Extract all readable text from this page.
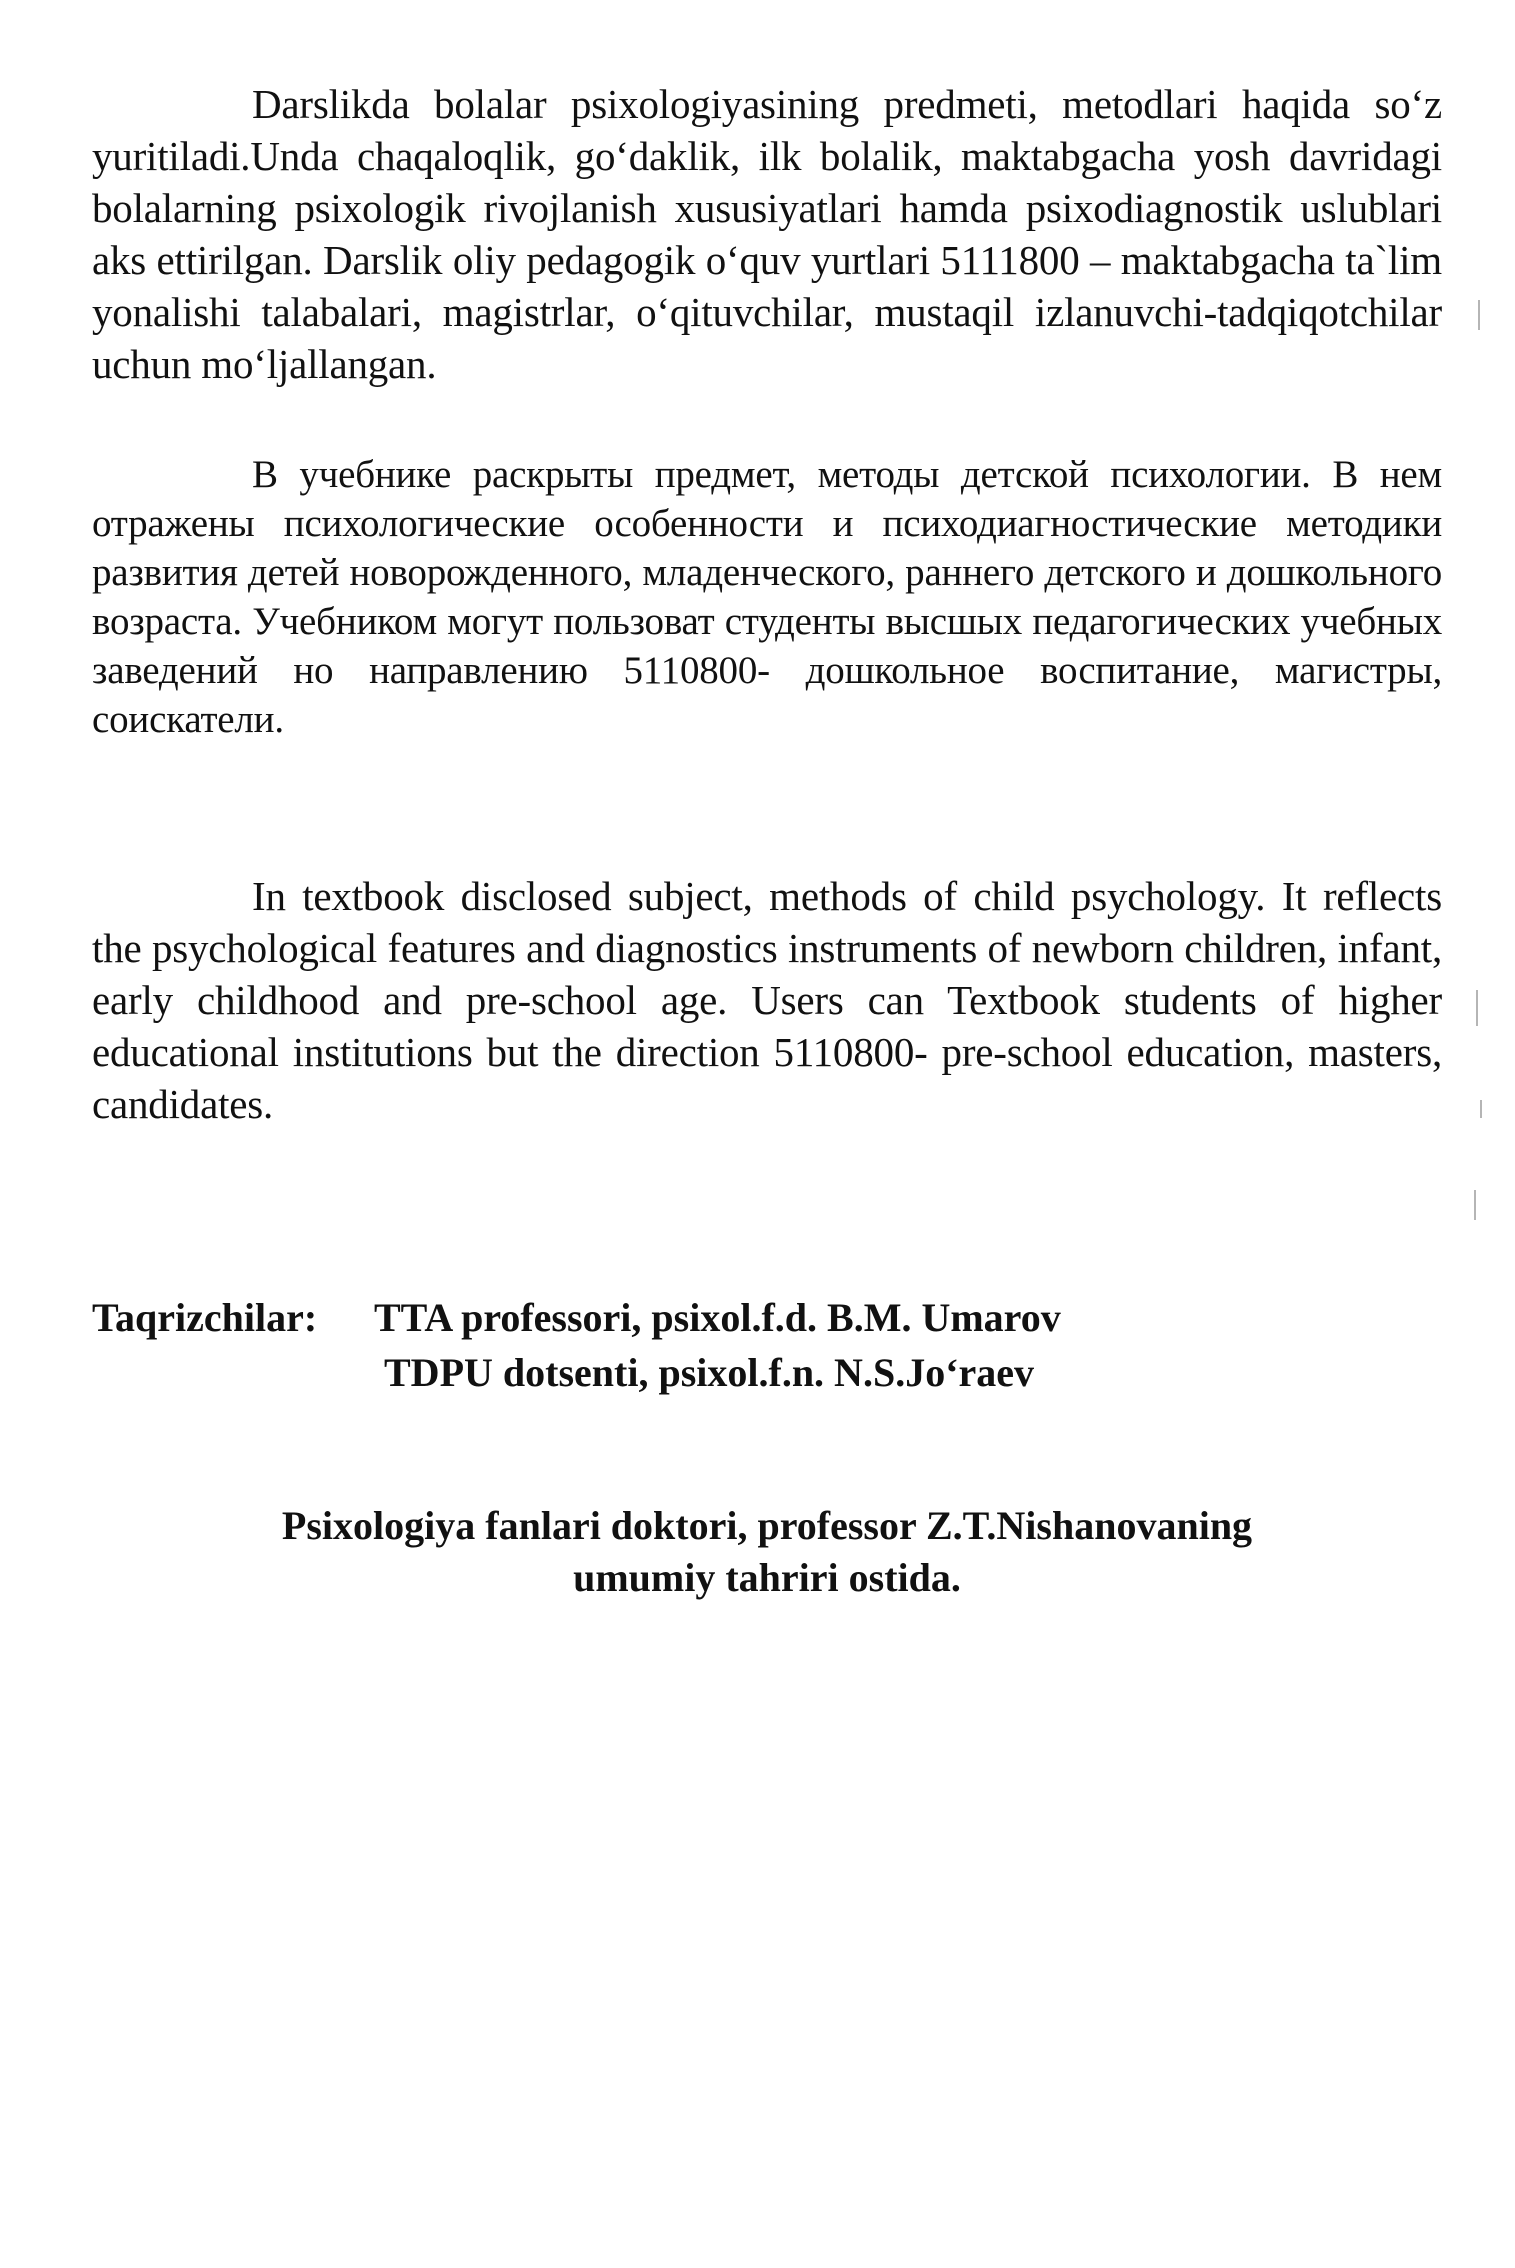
Darslikda bolalar psixologiyasining predmeti, metodlari haqida so‘z yuritiladi.Unda chaqaloqlik, go‘daklik, ilk bolalik, maktabgacha yosh davridagi bolalarning psixologik rivojlanish xususiyatlari hamda psixodiagnostik uslublari aks ettirilgan. Darslik oliy pedagogik o‘quv yurtlari 5111800 – maktabgacha ta`lim yonalishi talabalari, magistrlar, o‘qituvchilar, mustaqil izlanuvchi-tadqiqotchilar uchun mo‘ljallangan.

В учебнике раскрыты предмет, методы детской психологии. В нем отражены психологические особенности и психодиагностические методики развития детей новорожденного, младенческого, раннего детского и дошкольного возраста. Учебником могут пользоват студенты высшых педагогических учебных заведений но направлению 5110800- дошкольное воспитание, магистры, соискатели.

In textbook disclosed subject, methods of child psychology. It reflects the psychological features and diagnostics instruments of newborn children, infant, early childhood and pre-school age. Users can Textbook students of higher educational institutions but the direction 5110800- pre-school education, masters, candidates.

Taqrizchilar: TTA professori, psixol.f.d. B.M. Umarov
TDPU dotsenti, psixol.f.n. N.S.Jo‘raev
Psixologiya fanlari doktori, professor Z.T.Nishanovaning
umumiy tahriri ostida.
